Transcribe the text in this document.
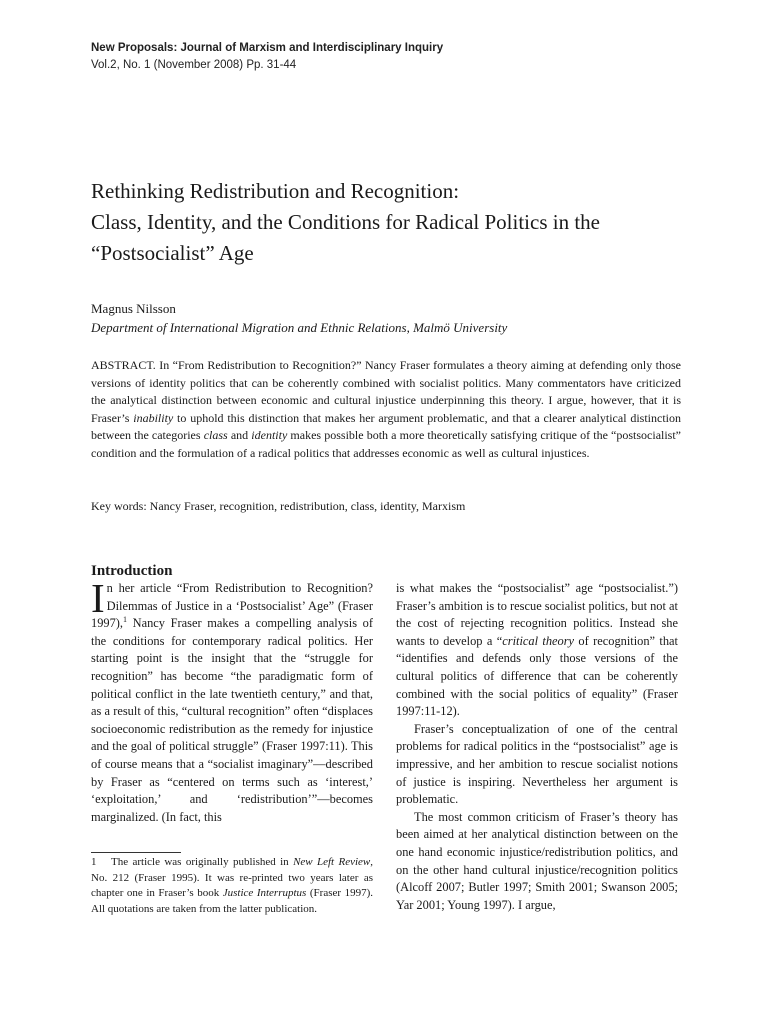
New Proposals: Journal of Marxism and Interdisciplinary Inquiry
Vol.2, No. 1 (November 2008) Pp. 31-44
Rethinking Redistribution and Recognition:
Class, Identity, and the Conditions for Radical Politics in the
“Postsocialist” Age
Magnus Nilsson
Department of International Migration and Ethnic Relations, Malmö University

ABSTRACT. In “From Redistribution to Recognition?” Nancy Fraser formulates a theory aiming at defending only those versions of identity politics that can be coherently combined with socialist politics. Many commentators have criticized the analytical distinction between economic and cultural injustice underpinning this theory. I argue, however, that it is Fraser’s inability to uphold this distinction that makes her argument problematic, and that a clearer analytical distinction between the categories class and identity makes possible both a more theoretically satisfying critique of the “postsocialist” condition and the formulation of a radical politics that addresses economic as well as cultural injustices.

Key words: Nancy Fraser, recognition, redistribution, class, identity, Marxism
Introduction

In her article “From Redistribution to Recognition? Dilemmas of Justice in a ‘Postsocialist’ Age” (Fraser 1997),$^1$ Nancy Fraser makes a compelling analysis of the conditions for contemporary radical politics. Her starting point is the insight that the “struggle for recognition” has become “the paradigmatic form of political conflict in the late twentieth century,” and that, as a result of this, “cultural recognition” often “displaces socioeconomic redistribution as the remedy for injustice and the goal of political struggle” (Fraser 1997:11). This of course means that a “socialist imaginary”—described by Fraser as “centered on terms such as ‘interest,’ ‘exploitation,’ and ‘redistribution’”—becomes marginalized. (In fact, this

is what makes the “postsocialist” age “postsocialist.”) Fraser’s ambition is to rescue socialist politics, but not at the cost of rejecting recognition politics. Instead she wants to develop a “critical theory of recognition” that “identifies and defends only those versions of the cultural politics of difference that can be coherently combined with the social politics of equality” (Fraser 1997:11-12).

Fraser’s conceptualization of one of the central problems for radical politics in the “postsocialist” age is impressive, and her ambition to rescue socialist notions of justice is inspiring. Nevertheless her argument is problematic.

The most common criticism of Fraser’s theory has been aimed at her analytical distinction between on the one hand economic injustice/redistribution politics, and on the other hand cultural injustice/recognition politics (Alcoff 2007; Butler 1997; Smith 2001; Swanson 2005; Yar 2001; Young 1997). I argue,

1 The article was originally published in New Left Review, No. 212 (Fraser 1995). It was re-printed two years later as chapter one in Fraser’s book Justice Interruptus (Fraser 1997). All quotations are taken from the latter publication.
